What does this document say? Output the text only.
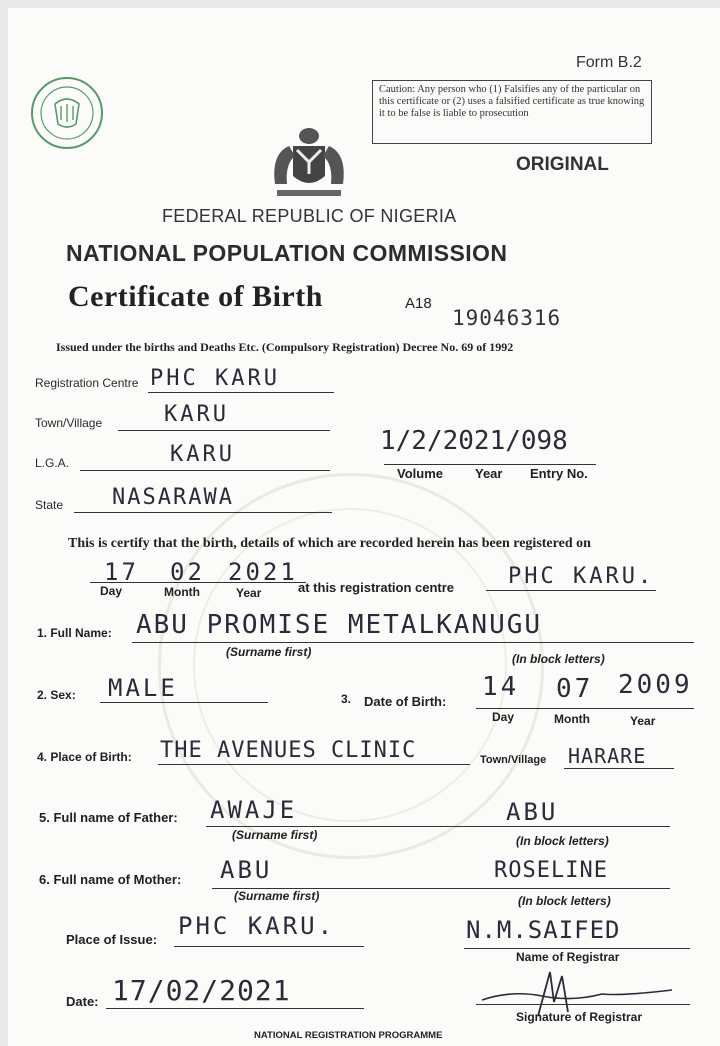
Form B.2
Caution: Any person who (1) Falsifies any of the particular on this certificate or (2) uses a falsified certificate as true knowing it to be false is liable to prosecution
ORIGINAL
FEDERAL REPUBLIC OF NIGERIA
NATIONAL POPULATION COMMISSION
Certificate of Birth	A18
19046316
Issued under the births and Deaths Etc. (Compulsory Registration) Decree No. 69 of 1992
Registration Centre PHC KARU
Town/Village	KARU
1/2/2021/098
Volume Year Entry No.
L.G.A.	KARU
State NASARAWA
This is certify that the birth, details of which are recorded herein has been registered on
17 02 2021
Day	Month	Year	at this registration centre PHC KARU.
1. Full Name: ABU PROMISE METALKANUGU
(Surname first)	(In block letters)
2. Sex: MALE	3. Date of Birth: 14 07 2009
Day	Month	Year
4. Place of Birth: THE AVENUES CLINIC	Town/Village HARARE
5. Full name of Father: AWAJE	ABU
(Surname first)	(In block letters)
6. Full name of Mother: ABU	ROSELINE
(Surname first)	(In block letters)
Place of Issue: PHC KARU.	N.M.SAIFED
Name of Registrar
Date: 17/02/2021
Signature of Registrar
NATIONAL REGISTRATION PROGRAMME
